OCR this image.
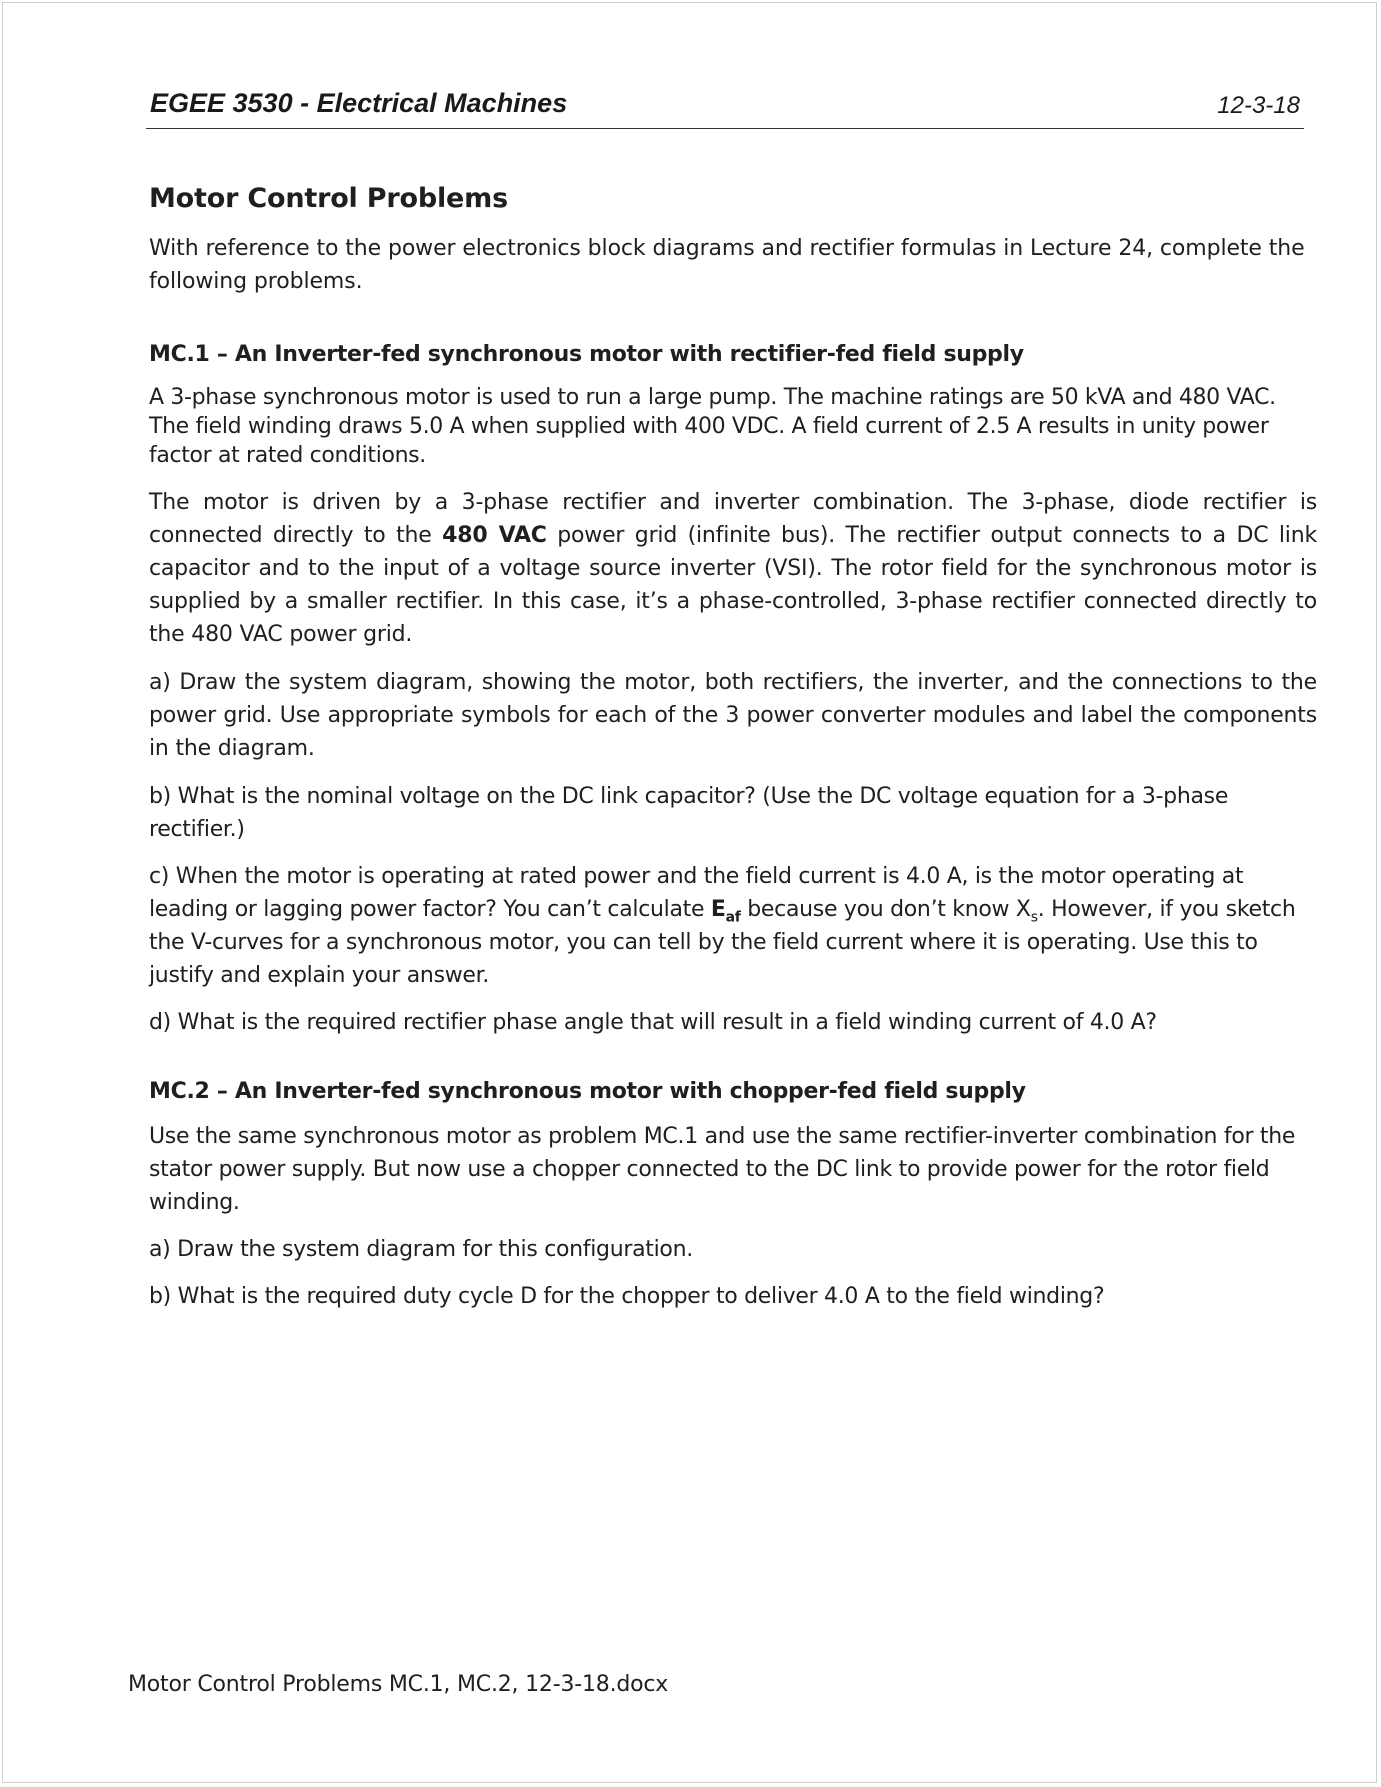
EGEE 3530 - Electrical Machines	12-3-18
Motor Control Problems

With reference to the power electronics block diagrams and rectifier formulas in Lecture 24, complete the following problems.

MC.1 – An Inverter-fed synchronous motor with rectifier-fed field supply

A 3-phase synchronous motor is used to run a large pump. The machine ratings are 50 kVA and 480 VAC. The field winding draws 5.0 A when supplied with 400 VDC. A field current of 2.5 A results in unity power factor at rated conditions.

The motor is driven by a 3-phase rectifier and inverter combination. The 3-phase, diode rectifier is connected directly to the 480 VAC power grid (infinite bus). The rectifier output connects to a DC link capacitor and to the input of a voltage source inverter (VSI). The rotor field for the synchronous motor is supplied by a smaller rectifier. In this case, it’s a phase-controlled, 3-phase rectifier connected directly to the 480 VAC power grid.

a) Draw the system diagram, showing the motor, both rectifiers, the inverter, and the connections to the power grid. Use appropriate symbols for each of the 3 power converter modules and label the components in the diagram.

b) What is the nominal voltage on the DC link capacitor? (Use the DC voltage equation for a 3-phase rectifier.)

c) When the motor is operating at rated power and the field current is 4.0 A, is the motor operating at leading or lagging power factor? You can’t calculate $E_{af}$ because you don’t know $X_s$. However, if you sketch the V-curves for a synchronous motor, you can tell by the field current where it is operating. Use this to justify and explain your answer.

d) What is the required rectifier phase angle that will result in a field winding current of 4.0 A?

MC.2 – An Inverter-fed synchronous motor with chopper-fed field supply

Use the same synchronous motor as problem MC.1 and use the same rectifier-inverter combination for the stator power supply. But now use a chopper connected to the DC link to provide power for the rotor field winding.

a) Draw the system diagram for this configuration.

b) What is the required duty cycle D for the chopper to deliver 4.0 A to the field winding?

Motor Control Problems MC.1, MC.2, 12-3-18.docx
